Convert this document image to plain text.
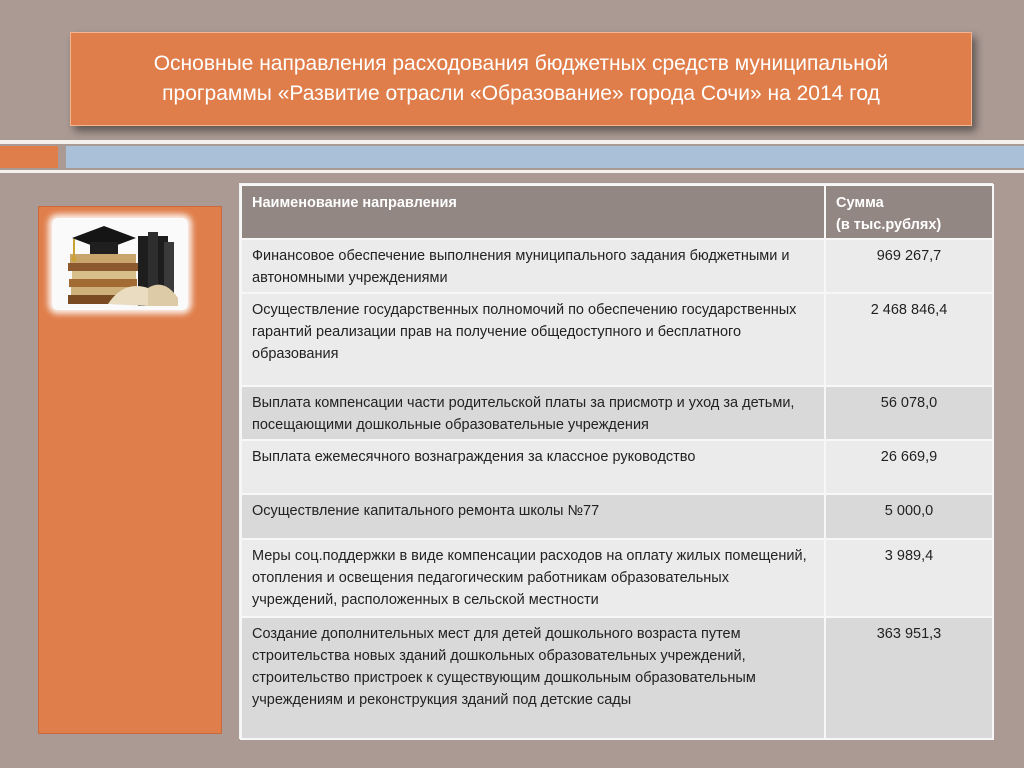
Основные направления расходования бюджетных средств муниципальной
программы «Развитие отрасли «Образование» города Сочи» на 2014 год
Наименование направления	Сумма
(в тыс.рублях)

Финансовое обеспечение выполнения муниципального задания бюджетными и автономными учреждениями	969 267,7
Осуществление государственных полномочий по обеспечению государственных гарантий реализации прав на получение общедоступного и бесплатного образования	2 468 846,4
Выплата компенсации части родительской платы за присмотр и уход за детьми, посещающими дошкольные образовательные учреждения	56 078,0
Выплата ежемесячного вознаграждения за классное руководство	26 669,9
Осуществление капитального ремонта школы №77	5 000,0
Меры соц.поддержки в виде компенсации расходов на оплату жилых помещений, отопления и освещения педагогическим работникам образовательных учреждений, расположенных в сельской местности	3 989,4
Создание дополнительных мест для детей дошкольного возраста путем строительства новых зданий дошкольных образовательных учреждений, строительство пристроек к существующим дошкольным образовательным учреждениям и реконструкция зданий под детские сады	363 951,3
